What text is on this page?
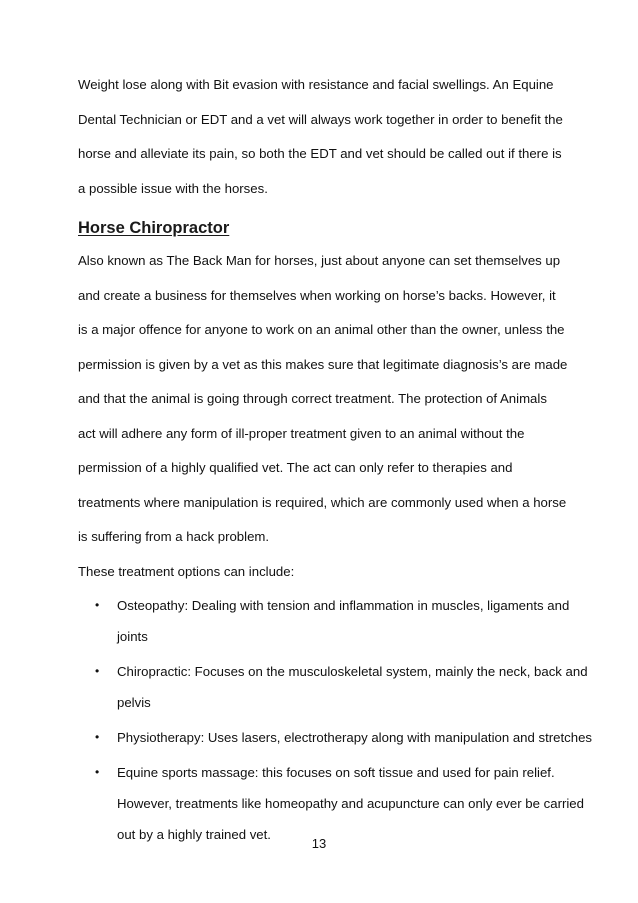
Weight lose along with Bit evasion with resistance and facial swellings. An Equine Dental Technician or EDT and a vet will always work together in order to benefit the horse and alleviate its pain, so both the EDT and vet should be called out if there is a possible issue with the horses.

Horse Chiropractor

Also known as The Back Man for horses, just about anyone can set themselves up and create a business for themselves when working on horse’s backs. However, it is a major offence for anyone to work on an animal other than the owner, unless the permission is given by a vet as this makes sure that legitimate diagnosis’s are made and that the animal is going through correct treatment. The protection of Animals act will adhere any form of ill-proper treatment given to an animal without the permission of a highly qualified vet. The act can only refer to therapies and treatments where manipulation is required, which are commonly used when a horse is suffering from a hack problem.

These treatment options can include:

• Osteopathy: Dealing with tension and inflammation in muscles, ligaments and joints
• Chiropractic: Focuses on the musculoskeletal system, mainly the neck, back and pelvis
• Physiotherapy: Uses lasers, electrotherapy along with manipulation and stretches
• Equine sports massage: this focuses on soft tissue and used for pain relief. However, treatments like homeopathy and acupuncture can only ever be carried out by a highly trained vet.
13
